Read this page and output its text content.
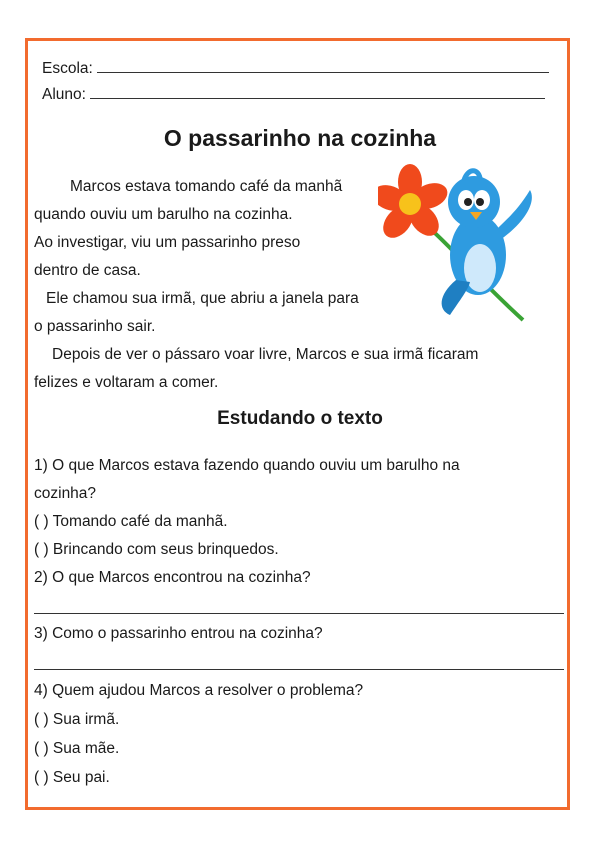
Escola:
Aluno:
O passarinho na cozinha
Marcos estava tomando café da manhã
quando ouviu um barulho na cozinha.
Ao investigar, viu um passarinho preso
dentro de casa.
Ele chamou sua irmã, que abriu a janela para
o passarinho sair.
Depois de ver o pássaro voar livre, Marcos e sua irmã ficaram
felizes e voltaram a comer.
Estudando o texto
1) O que Marcos estava fazendo quando ouviu um barulho na
cozinha?
( ) Tomando café da manhã.
( ) Brincando com seus brinquedos.
2) O que Marcos encontrou na cozinha?
3) Como o passarinho entrou na cozinha?
4) Quem ajudou Marcos a resolver o problema?
( ) Sua irmã.
( ) Sua mãe.
( ) Seu pai.
